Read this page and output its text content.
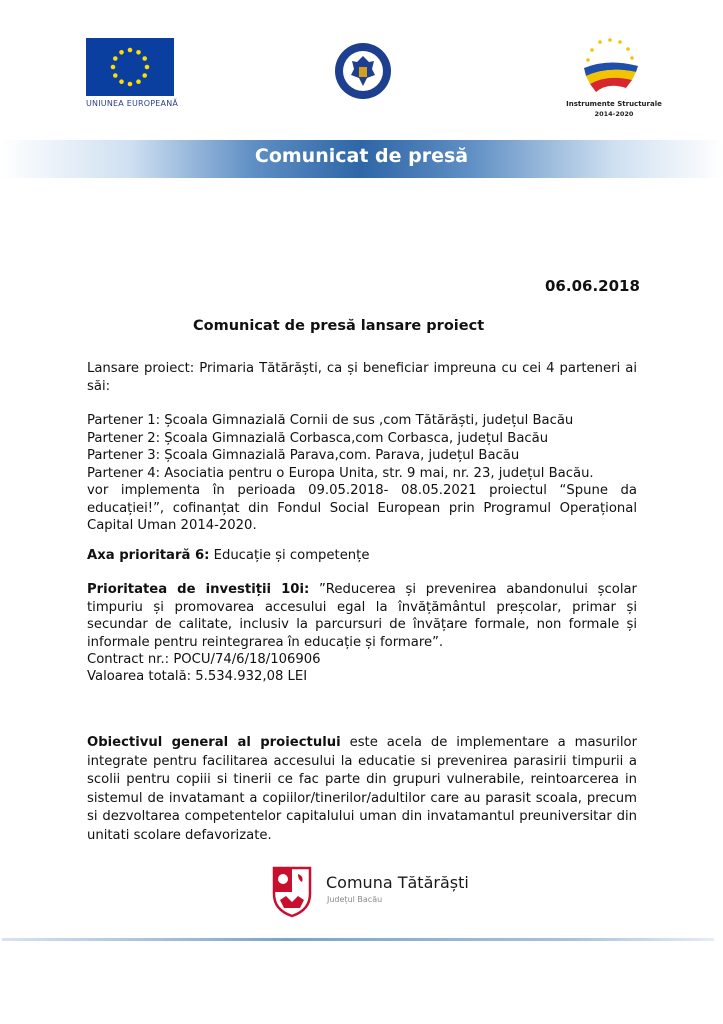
UNIUNEA EUROPEANĂ	Instrumente Structurale
2014-2020
Comunicat de presă
06.06.2018
Comunicat de presă lansare proiect

Lansare proiect: Primaria Tătărăști, ca și beneficiar impreuna cu cei 4 parteneri ai săi:

Partener 1: Școala Gimnazială Cornii de sus ,com Tătărăști, județul Bacău
Partener 2: Școala Gimnazială Corbasca,com Corbasca, județul Bacău
Partener 3: Școala Gimnazială Parava,com. Parava, județul Bacău
Partener 4: Asociatia pentru o Europa Unita, str. 9 mai, nr. 23, județul Bacău.

vor implementa în perioada 09.05.2018- 08.05.2021 proiectul “Spune da educației!”, cofinanțat din Fondul Social European prin Programul Operațional Capital Uman 2014-2020.

Axa prioritară 6: Educație și competențe

Prioritatea de investiții 10i: ”Reducerea și prevenirea abandonului școlar timpuriu și promovarea accesului egal la învățământul preșcolar, primar și secundar de calitate, inclusiv la parcursuri de învățare formale, non formale și informale pentru reintegrarea în educație și formare”.

Contract nr.: POCU/74/6/18/106906
Valoarea totală: 5.534.932,08 LEI

Obiectivul general al proiectului este acela de implementare a masurilor integrate pentru facilitarea accesului la educatie si prevenirea parasirii timpurii a scolii pentru copiii si tinerii ce fac parte din grupuri vulnerabile, reintoarcerea in sistemul de invatamant a copiilor/tinerilor/adultilor care au parasit scoala, precum si dezvoltarea competentelor capitalului uman din invatamantul preuniversitar din unitati scolare defavorizate.

Comuna Tătărăști
Județul Bacău
